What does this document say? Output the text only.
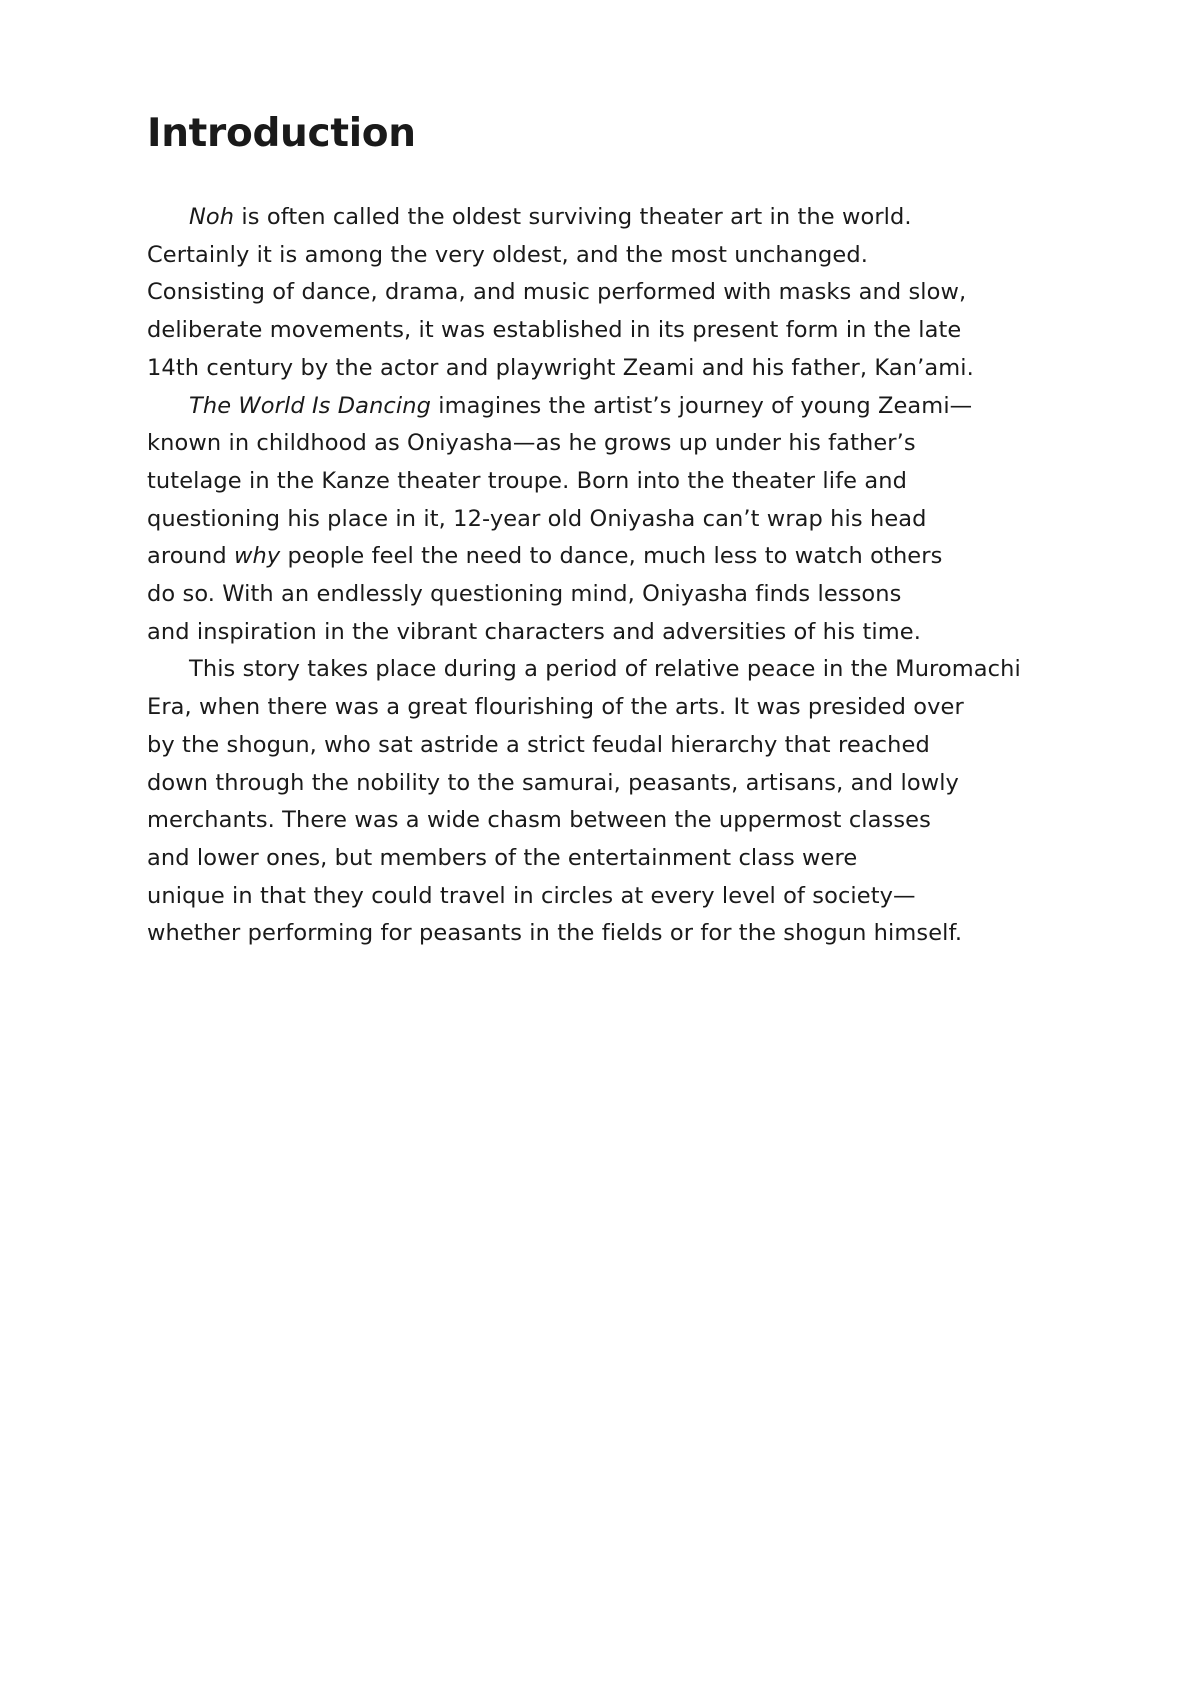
Introduction

Noh is often called the oldest surviving theater art in the world.
Certainly it is among the very oldest, and the most unchanged.
Consisting of dance, drama, and music performed with masks and slow,
deliberate movements, it was established in its present form in the late
14th century by the actor and playwright Zeami and his father, Kan’ami.

The World Is Dancing imagines the artist’s journey of young Zeami—
known in childhood as Oniyasha—as he grows up under his father’s
tutelage in the Kanze theater troupe. Born into the theater life and
questioning his place in it, 12-year old Oniyasha can’t wrap his head
around why people feel the need to dance, much less to watch others
do so. With an endlessly questioning mind, Oniyasha finds lessons
and inspiration in the vibrant characters and adversities of his time.

This story takes place during a period of relative peace in the Muromachi
Era, when there was a great flourishing of the arts. It was presided over
by the shogun, who sat astride a strict feudal hierarchy that reached
down through the nobility to the samurai, peasants, artisans, and lowly
merchants. There was a wide chasm between the uppermost classes
and lower ones, but members of the entertainment class were
unique in that they could travel in circles at every level of society—
whether performing for peasants in the fields or for the shogun himself.
